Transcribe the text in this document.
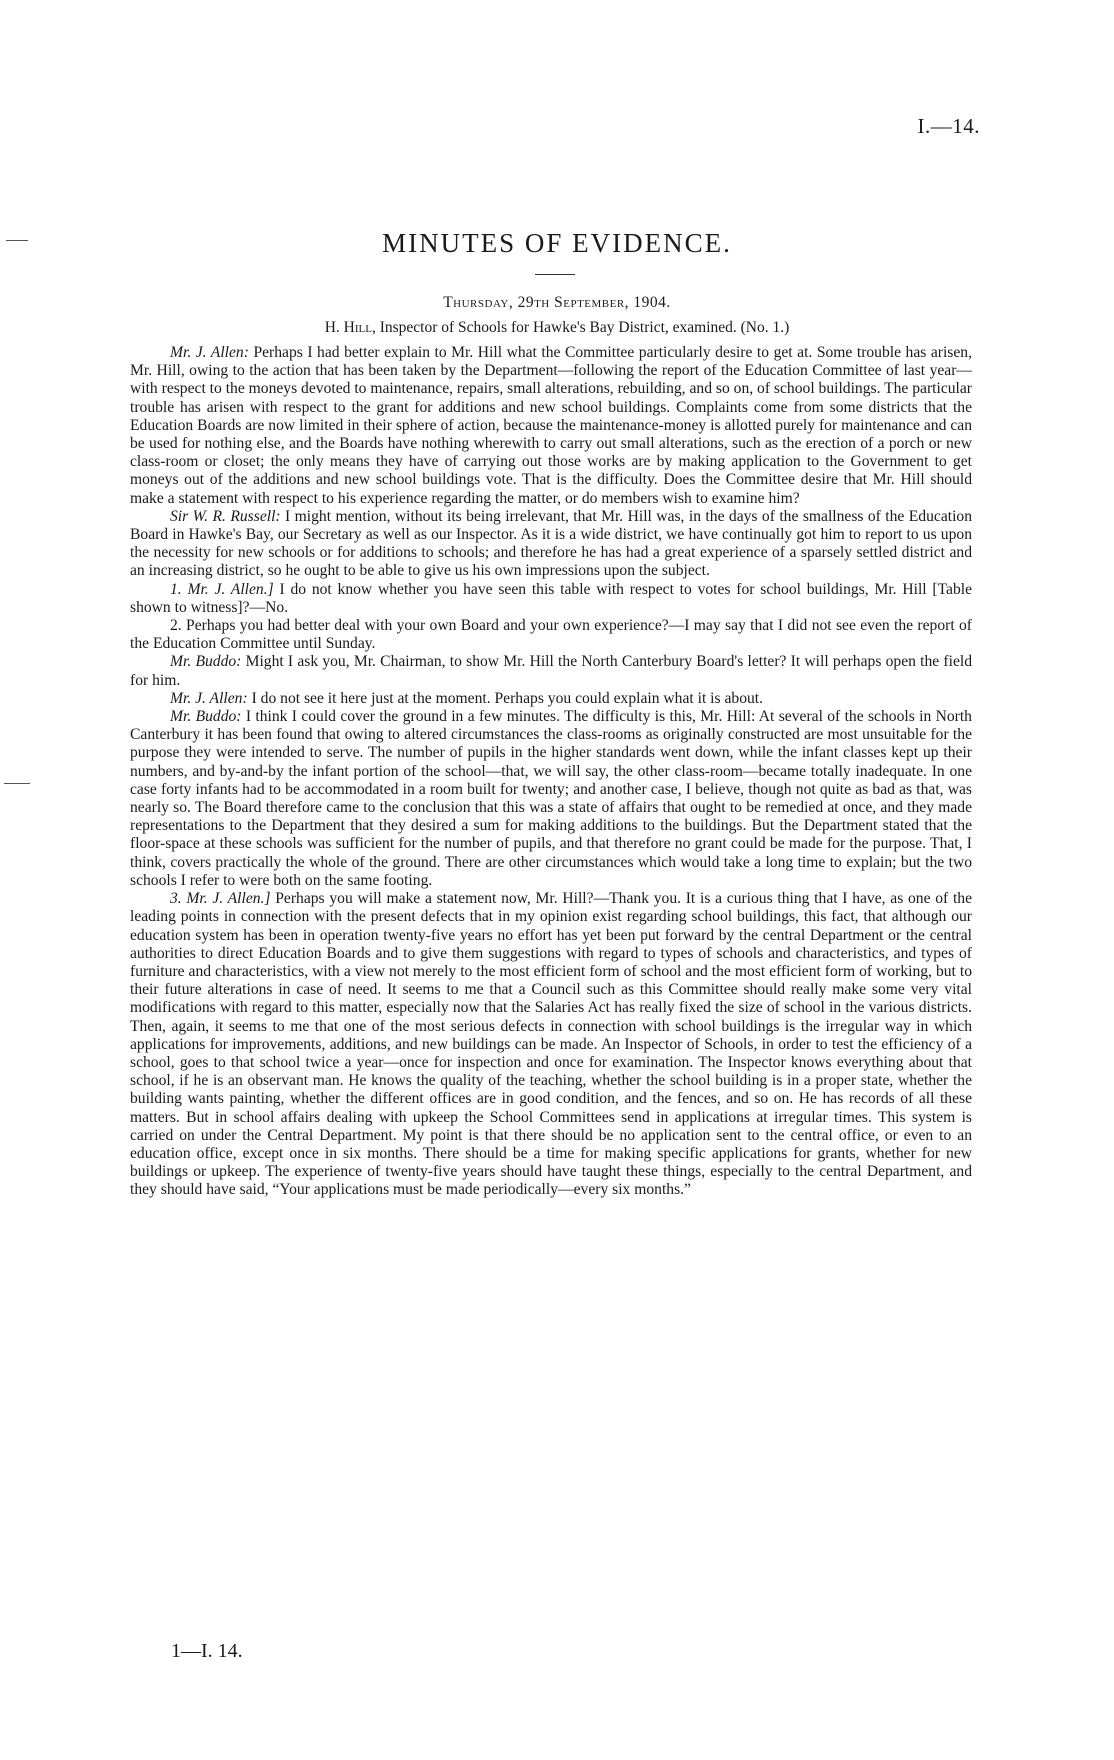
I.—14.
MINUTES OF EVIDENCE.
Thursday, 29th September, 1904.
H. Hill, Inspector of Schools for Hawke's Bay District, examined. (No. 1.)

Mr. J. Allen: Perhaps I had better explain to Mr. Hill what the Committee particularly desire to get at. Some trouble has arisen, Mr. Hill, owing to the action that has been taken by the Department—following the report of the Education Committee of last year—with respect to the moneys devoted to maintenance, repairs, small alterations, rebuilding, and so on, of school buildings. The particular trouble has arisen with respect to the grant for additions and new school buildings. Complaints come from some districts that the Education Boards are now limited in their sphere of action, because the maintenance-money is allotted purely for maintenance and can be used for nothing else, and the Boards have nothing wherewith to carry out small alterations, such as the erection of a porch or new class-room or closet; the only means they have of carrying out those works are by making application to the Government to get moneys out of the additions and new school buildings vote. That is the difficulty. Does the Committee desire that Mr. Hill should make a statement with respect to his experience regarding the matter, or do members wish to examine him?

Sir W. R. Russell: I might mention, without its being irrelevant, that Mr. Hill was, in the days of the smallness of the Education Board in Hawke's Bay, our Secretary as well as our Inspector. As it is a wide district, we have continually got him to report to us upon the necessity for new schools or for additions to schools; and therefore he has had a great experience of a sparsely settled district and an increasing district, so he ought to be able to give us his own impressions upon the subject.

1. Mr. J. Allen.] I do not know whether you have seen this table with respect to votes for school buildings, Mr. Hill [Table shown to witness]?—No.

2. Perhaps you had better deal with your own Board and your own experience?—I may say that I did not see even the report of the Education Committee until Sunday.

Mr. Buddo: Might I ask you, Mr. Chairman, to show Mr. Hill the North Canterbury Board's letter? It will perhaps open the field for him.

Mr. J. Allen: I do not see it here just at the moment. Perhaps you could explain what it is about.

Mr. Buddo: I think I could cover the ground in a few minutes. The difficulty is this, Mr. Hill: At several of the schools in North Canterbury it has been found that owing to altered circumstances the class-rooms as originally constructed are most unsuitable for the purpose they were intended to serve. The number of pupils in the higher standards went down, while the infant classes kept up their numbers, and by-and-by the infant portion of the school—that, we will say, the other class-room—became totally inadequate. In one case forty infants had to be accommodated in a room built for twenty; and another case, I believe, though not quite as bad as that, was nearly so. The Board therefore came to the conclusion that this was a state of affairs that ought to be remedied at once, and they made representations to the Department that they desired a sum for making additions to the buildings. But the Department stated that the floor-space at these schools was sufficient for the number of pupils, and that therefore no grant could be made for the purpose. That, I think, covers practically the whole of the ground. There are other circumstances which would take a long time to explain; but the two schools I refer to were both on the same footing.

3. Mr. J. Allen.] Perhaps you will make a statement now, Mr. Hill?—Thank you. It is a curious thing that I have, as one of the leading points in connection with the present defects that in my opinion exist regarding school buildings, this fact, that although our education system has been in operation twenty-five years no effort has yet been put forward by the central Department or the central authorities to direct Education Boards and to give them suggestions with regard to types of schools and characteristics, and types of furniture and characteristics, with a view not merely to the most efficient form of school and the most efficient form of working, but to their future alterations in case of need. It seems to me that a Council such as this Committee should really make some very vital modifications with regard to this matter, especially now that the Salaries Act has really fixed the size of school in the various districts. Then, again, it seems to me that one of the most serious defects in connection with school buildings is the irregular way in which applications for improvements, additions, and new buildings can be made. An Inspector of Schools, in order to test the efficiency of a school, goes to that school twice a year—once for inspection and once for examination. The Inspector knows everything about that school, if he is an observant man. He knows the quality of the teaching, whether the school building is in a proper state, whether the building wants painting, whether the different offices are in good condition, and the fences, and so on. He has records of all these matters. But in school affairs dealing with upkeep the School Committees send in applications at irregular times. This system is carried on under the Central Department. My point is that there should be no application sent to the central office, or even to an education office, except once in six months. There should be a time for making specific applications for grants, whether for new buildings or upkeep. The experience of twenty-five years should have taught these things, especially to the central Department, and they should have said, “Your applications must be made periodically—every six months.”

1—I. 14.
